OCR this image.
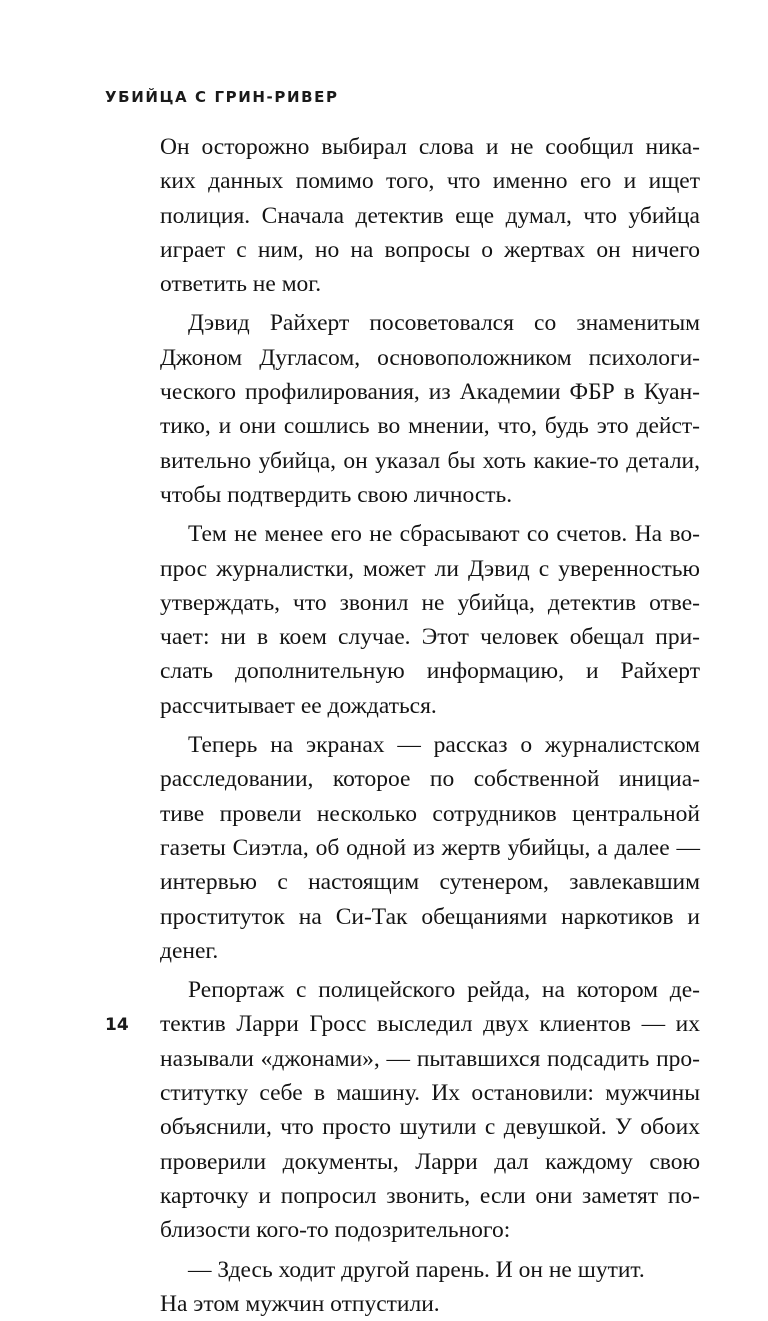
УБИЙЦА С ГРИН-РИВЕР
Он осторожно выбирал слова и не сообщил ника-
ких данных помимо того, что именно его и ищет
полиция. Сначала детектив еще думал, что убийца
играет с ним, но на вопросы о жертвах он ничего
ответить не мог.
Дэвид Райхерт посоветовался со знаменитым
Джоном Дугласом, основоположником психологи-
ческого профилирования, из Академии ФБР в Куан-
тико, и они сошлись во мнении, что, будь это дейст-
вительно убийца, он указал бы хоть какие-то детали,
чтобы подтвердить свою личность.
Тем не менее его не сбрасывают со счетов. На во-
прос журналистки, может ли Дэвид с уверенностью
утверждать, что звонил не убийца, детектив отве-
чает: ни в коем случае. Этот человек обещал при-
слать дополнительную информацию, и Райхерт
рассчитывает ее дождаться.
Теперь на экранах — рассказ о журналистском
расследовании, которое по собственной инициа-
тиве провели несколько сотрудников центральной
газеты Сиэтла, об одной из жертв убийцы, а далее —
интервью с настоящим сутенером, завлекавшим
проституток на Си-Так обещаниями наркотиков и
денег.
Репортаж с полицейского рейда, на котором де-
тектив Ларри Гросс выследил двух клиентов — их
называли «джонами», — пытавшихся подсадить про-
ститутку себе в машину. Их остановили: мужчины
объяснили, что просто шутили с девушкой. У обоих
проверили документы, Ларри дал каждому свою
карточку и попросил звонить, если они заметят по-
близости кого-то подозрительного:
— Здесь ходит другой парень. И он не шутит.
На этом мужчин отпустили.
14
